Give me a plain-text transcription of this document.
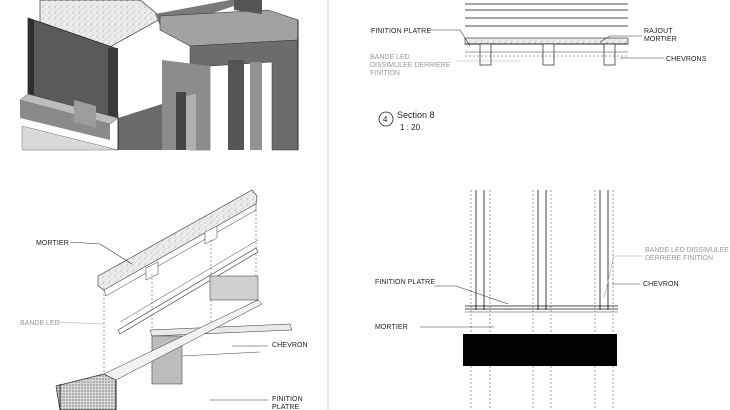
FINITION PLATRE	RAJOUT
MORTIER
BANDE LED
DISSIMULEE DERRIERE
FINITION
CHEVRONS
4 Section 8
1 : 20
MORTIER
BANDE LED
CHEVRON
FINITION
PLATRE
BANDE LED DISSIMULEE
DERRIERE FINITION
FINITION PLATRE	CHEVRON
MORTIER
